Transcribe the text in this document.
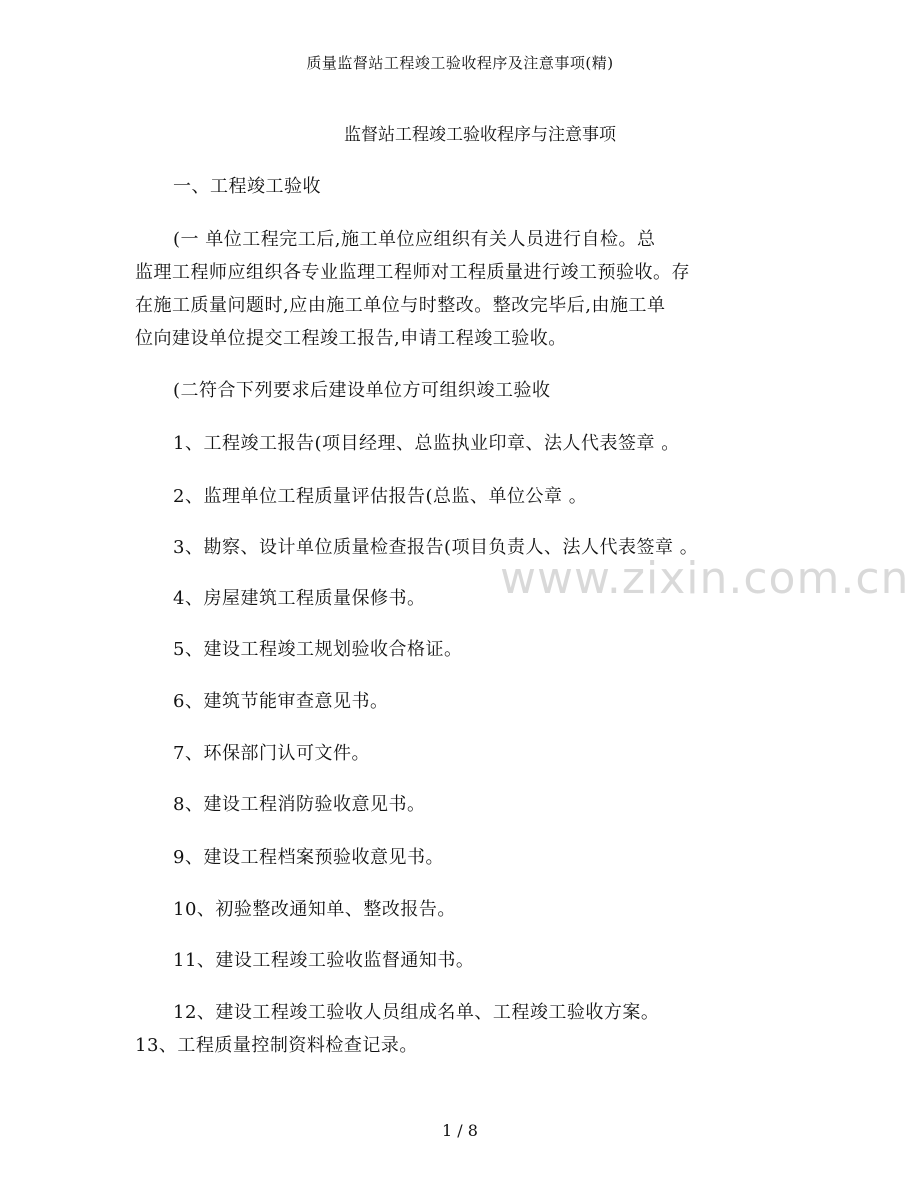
质量监督站工程竣工验收程序及注意事项(精)
监督站工程竣工验收程序与注意事项
一、工程竣工验收
(一 单位工程完工后,施工单位应组织有关人员进行自检。总
监理工程师应组织各专业监理工程师对工程质量进行竣工预验收。存
在施工质量问题时,应由施工单位与时整改。整改完毕后,由施工单
位向建设单位提交工程竣工报告,申请工程竣工验收。
(二符合下列要求后建设单位方可组织竣工验收
1、工程竣工报告(项目经理、总监执业印章、法人代表签章 。
2、监理单位工程质量评估报告(总监、单位公章 。
3、勘察、设计单位质量检查报告(项目负责人、法人代表签章 。
4、房屋建筑工程质量保修书。
5、建设工程竣工规划验收合格证。
6、建筑节能审查意见书。
7、环保部门认可文件。
8、建设工程消防验收意见书。
9、建设工程档案预验收意见书。
10、初验整改通知单、整改报告。
11、建设工程竣工验收监督通知书。
12、建设工程竣工验收人员组成名单、工程竣工验收方案。
13、工程质量控制资料检查记录。
www.zixin.com.cn
1 / 8
